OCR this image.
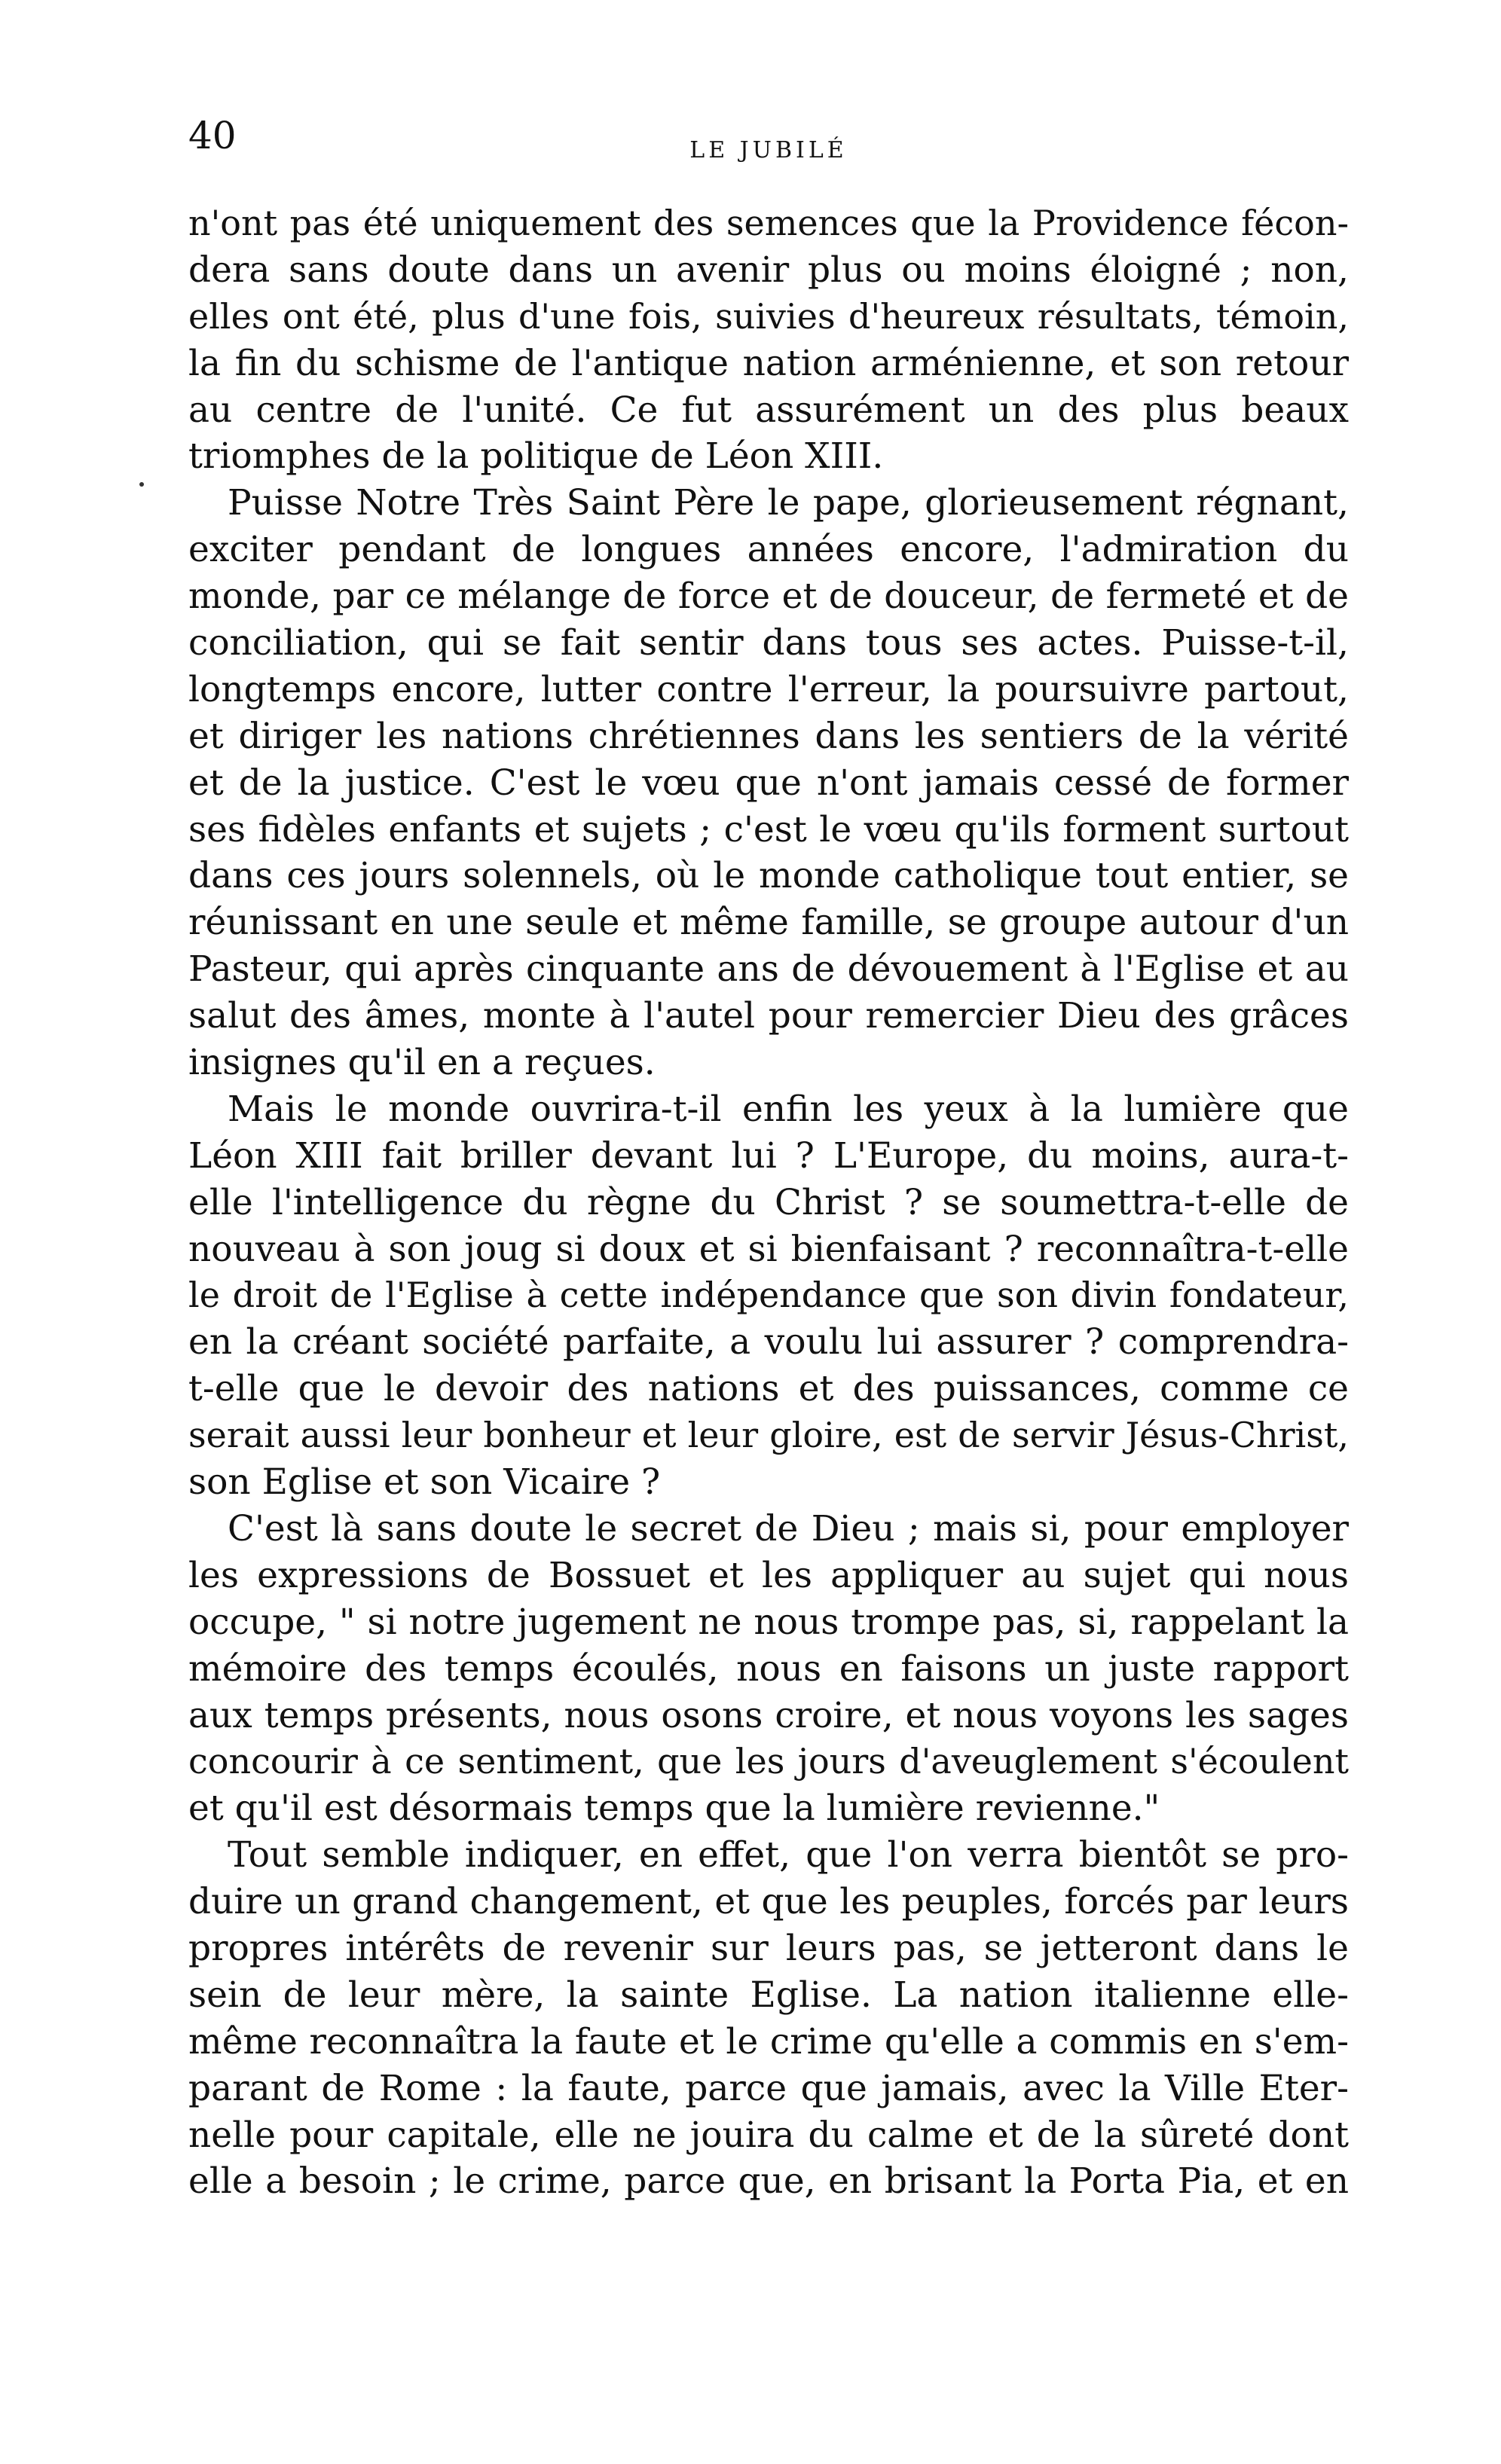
40	LE JUBILÉ
n'ont pas été uniquement des semences que la Providence fécon-
dera sans doute dans un avenir plus ou moins éloigné ; non,
elles ont été, plus d'une fois, suivies d'heureux résultats, témoin,
la fin du schisme de l'antique nation arménienne, et son retour
au centre de l'unité. Ce fut assurément un des plus beaux
triomphes de la politique de Léon XIII.
Puisse Notre Très Saint Père le pape, glorieusement régnant,
exciter pendant de longues années encore, l'admiration du
monde, par ce mélange de force et de douceur, de fermeté et de
conciliation, qui se fait sentir dans tous ses actes. Puisse-t-il,
longtemps encore, lutter contre l'erreur, la poursuivre partout,
et diriger les nations chrétiennes dans les sentiers de la vérité
et de la justice. C'est le vœu que n'ont jamais cessé de former
ses fidèles enfants et sujets ; c'est le vœu qu'ils forment surtout
dans ces jours solennels, où le monde catholique tout entier, se
réunissant en une seule et même famille, se groupe autour d'un
Pasteur, qui après cinquante ans de dévouement à l'Eglise et au
salut des âmes, monte à l'autel pour remercier Dieu des grâces
insignes qu'il en a reçues.
Mais le monde ouvrira-t-il enfin les yeux à la lumière que
Léon XIII fait briller devant lui ? L'Europe, du moins, aura-t-
elle l'intelligence du règne du Christ ? se soumettra-t-elle de
nouveau à son joug si doux et si bienfaisant ? reconnaîtra-t-elle
le droit de l'Eglise à cette indépendance que son divin fondateur,
en la créant société parfaite, a voulu lui assurer ? comprendra-
t-elle que le devoir des nations et des puissances, comme ce
serait aussi leur bonheur et leur gloire, est de servir Jésus-Christ,
son Eglise et son Vicaire ?
C'est là sans doute le secret de Dieu ; mais si, pour employer
les expressions de Bossuet et les appliquer au sujet qui nous
occupe, " si notre jugement ne nous trompe pas, si, rappelant la
mémoire des temps écoulés, nous en faisons un juste rapport
aux temps présents, nous osons croire, et nous voyons les sages
concourir à ce sentiment, que les jours d'aveuglement s'écoulent
et qu'il est désormais temps que la lumière revienne."
Tout semble indiquer, en effet, que l'on verra bientôt se pro-
duire un grand changement, et que les peuples, forcés par leurs
propres intérêts de revenir sur leurs pas, se jetteront dans le
sein de leur mère, la sainte Eglise. La nation italienne elle-
même reconnaîtra la faute et le crime qu'elle a commis en s'em-
parant de Rome : la faute, parce que jamais, avec la Ville Eter-
nelle pour capitale, elle ne jouira du calme et de la sûreté dont
elle a besoin ; le crime, parce que, en brisant la Porta Pia, et en
